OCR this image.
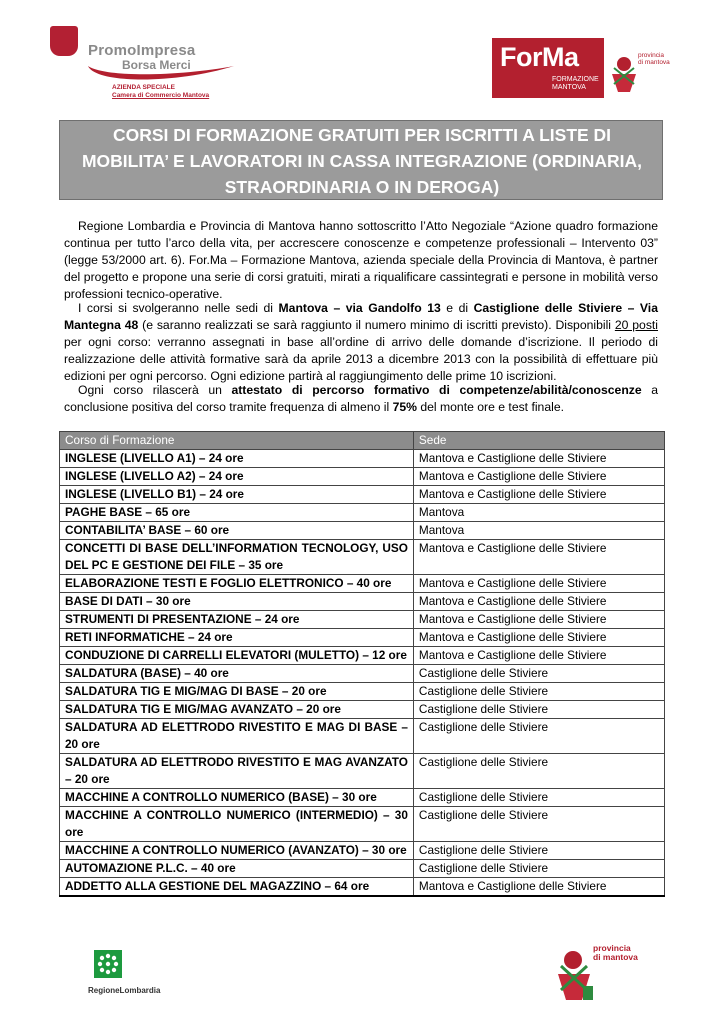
PromoImpresa
Borsa Merci
AZIENDA SPECIALE
Camera di Commercio Mantova
ForMa
FORMAZIONE
MANTOVA
provincia
di mantova
CORSI DI FORMAZIONE GRATUITI PER ISCRITTI A LISTE DI
MOBILITA’ E LAVORATORI IN CASSA INTEGRAZIONE (ORDINARIA,
STRAORDINARIA O IN DEROGA)
Regione Lombardia e Provincia di Mantova hanno sottoscritto l’Atto Negoziale “Azione quadro formazione continua per tutto l’arco della vita, per accrescere conoscenze e competenze professionali – Intervento 03” (legge 53/2000 art. 6). For.Ma – Formazione Mantova, azienda speciale della Provincia di Mantova, è partner del progetto e propone una serie di corsi gratuiti, mirati a riqualificare cassintegrati e persone in mobilità verso professioni tecnico-operative.
I corsi si svolgeranno nelle sedi di Mantova – via Gandolfo 13 e di Castiglione delle Stiviere – Via Mantegna 48 (e saranno realizzati se sarà raggiunto il numero minimo di iscritti previsto). Disponibili 20 posti per ogni corso: verranno assegnati in base all’ordine di arrivo delle domande d’iscrizione. Il periodo di realizzazione delle attività formative sarà da aprile 2013 a dicembre 2013 con la possibilità di effettuare più edizioni per ogni percorso. Ogni edizione partirà al raggiungimento delle prime 10 iscrizioni.
Ogni corso rilascerà un attestato di percorso formativo di competenze/abilità/conoscenze a conclusione positiva del corso tramite frequenza di almeno il 75% del monte ore e test finale.
Corso di Formazione	Sede
INGLESE (LIVELLO A1) – 24 ore	Mantova e Castiglione delle Stiviere
INGLESE (LIVELLO A2) – 24 ore	Mantova e Castiglione delle Stiviere
INGLESE (LIVELLO B1) – 24 ore	Mantova e Castiglione delle Stiviere
PAGHE BASE – 65 ore	Mantova
CONTABILITA’ BASE – 60 ore	Mantova
CONCETTI DI BASE DELL’INFORMATION TECNOLOGY, USO DEL PC E GESTIONE DEI FILE – 35 ore	Mantova e Castiglione delle Stiviere
ELABORAZIONE TESTI E FOGLIO ELETTRONICO – 40 ore	Mantova e Castiglione delle Stiviere
BASE DI DATI – 30 ore	Mantova e Castiglione delle Stiviere
STRUMENTI DI PRESENTAZIONE – 24 ore	Mantova e Castiglione delle Stiviere
RETI INFORMATICHE – 24 ore	Mantova e Castiglione delle Stiviere
CONDUZIONE DI CARRELLI ELEVATORI (MULETTO) – 12 ore	Mantova e Castiglione delle Stiviere
SALDATURA (BASE) – 40 ore	Castiglione delle Stiviere
SALDATURA TIG E MIG/MAG DI BASE – 20 ore	Castiglione delle Stiviere
SALDATURA TIG E MIG/MAG AVANZATO – 20 ore	Castiglione delle Stiviere
SALDATURA AD ELETTRODO RIVESTITO E MAG DI BASE – 20 ore	Castiglione delle Stiviere
SALDATURA AD ELETTRODO RIVESTITO E MAG AVANZATO – 20 ore	Castiglione delle Stiviere
MACCHINE A CONTROLLO NUMERICO (BASE) – 30 ore	Castiglione delle Stiviere
MACCHINE A CONTROLLO NUMERICO (INTERMEDIO) – 30 ore	Castiglione delle Stiviere
MACCHINE A CONTROLLO NUMERICO (AVANZATO) – 30 ore	Castiglione delle Stiviere
AUTOMAZIONE P.L.C. – 40 ore	Castiglione delle Stiviere
ADDETTO ALLA GESTIONE DEL MAGAZZINO – 64 ore	Mantova e Castiglione delle Stiviere
RegioneLombardia
provincia
di mantova
